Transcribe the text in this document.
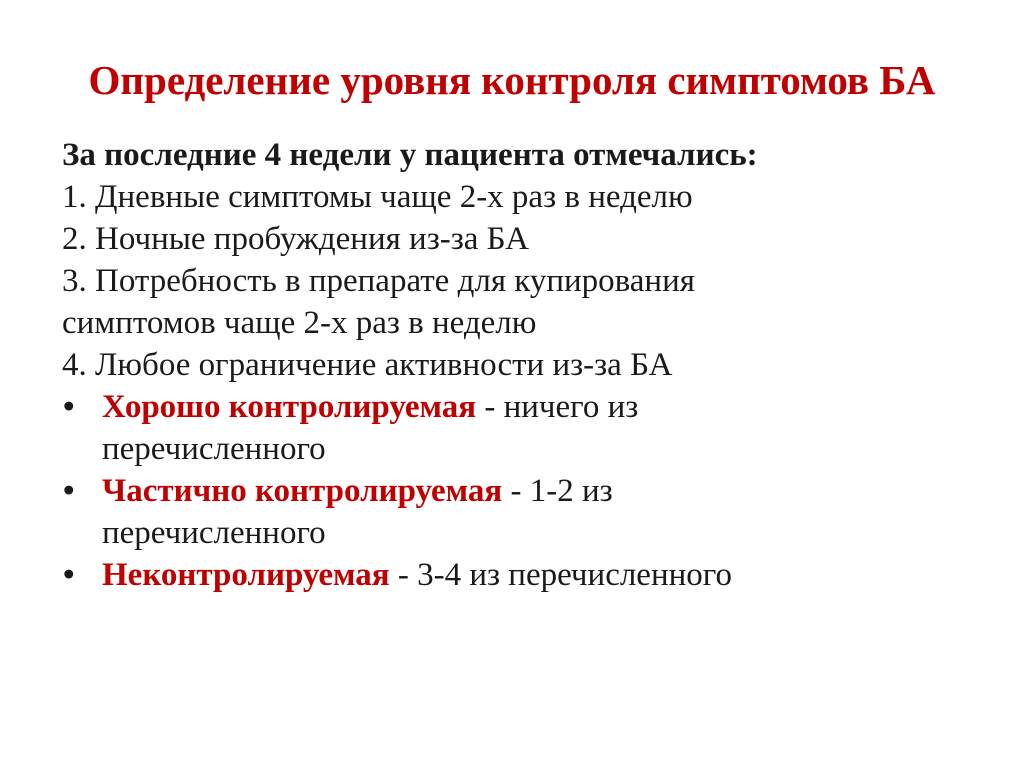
Определение уровня контроля симптомов БА
За последние 4 недели у пациента отмечались:
1. Дневные симптомы чаще 2-х раз в неделю
2. Ночные пробуждения из-за БА
3. Потребность в препарате для купирования
симптомов чаще 2-х раз в неделю
4. Любое ограничение активности из-за БА
• Хорошо контролируемая - ничего из
перечисленного
• Частично контролируемая - 1-2 из
перечисленного
• Неконтролируемая - 3-4 из перечисленного
